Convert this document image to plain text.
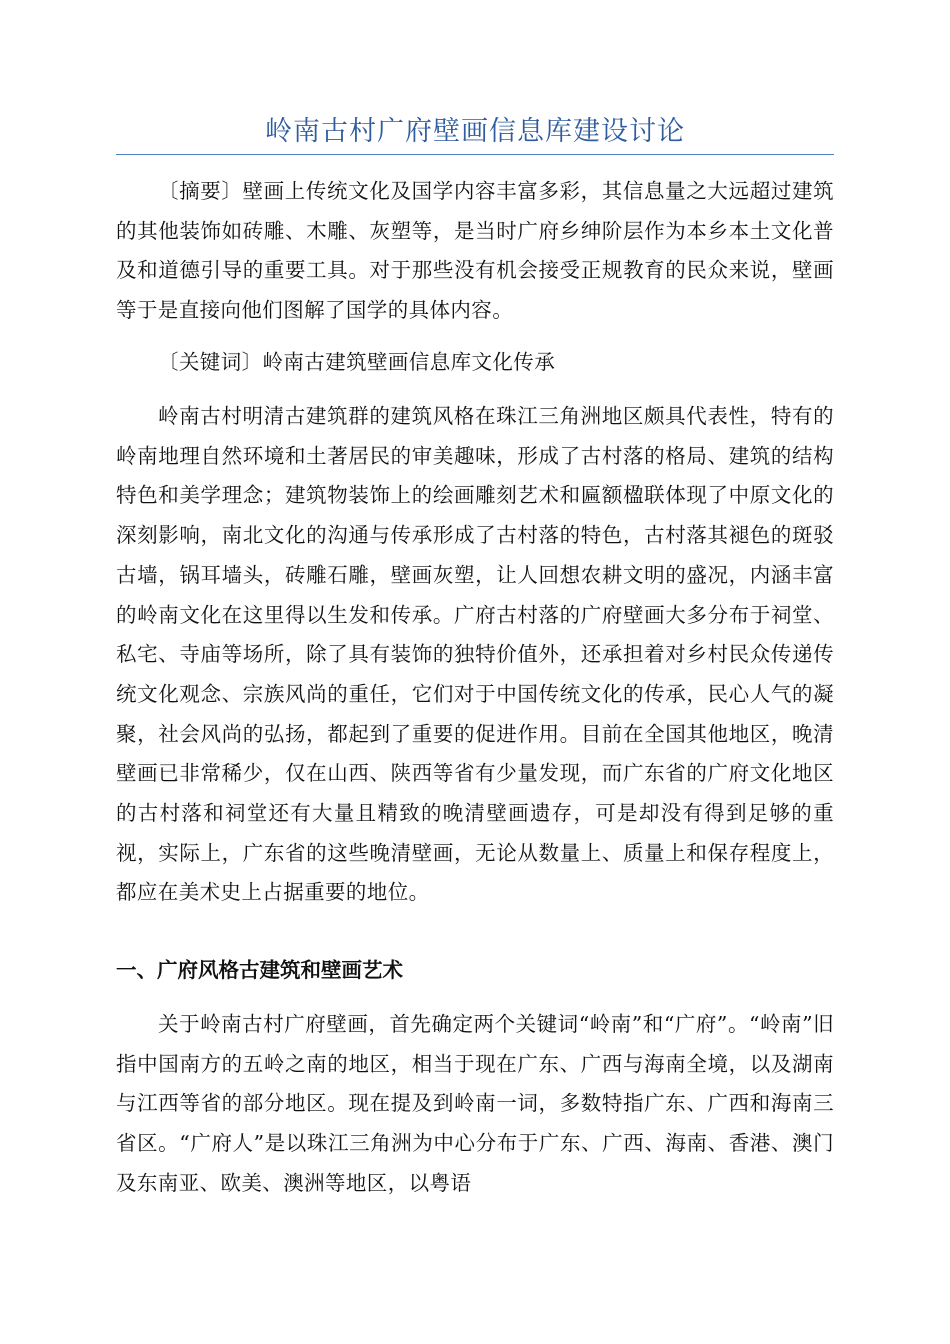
岭南古村广府壁画信息库建设讨论

〔摘要〕壁画上传统文化及国学内容丰富多彩，其信息量之大远超过建筑的其他装饰如砖雕、木雕、灰塑等，是当时广府乡绅阶层作为本乡本土文化普及和道德引导的重要工具。对于那些没有机会接受正规教育的民众来说，壁画等于是直接向他们图解了国学的具体内容。

〔关键词〕岭南古建筑壁画信息库文化传承

岭南古村明清古建筑群的建筑风格在珠江三角洲地区颇具代表性，特有的岭南地理自然环境和土著居民的审美趣味，形成了古村落的格局、建筑的结构特色和美学理念；建筑物装饰上的绘画雕刻艺术和匾额楹联体现了中原文化的深刻影响，南北文化的沟通与传承形成了古村落的特色，古村落其褪色的斑驳古墙，锅耳墙头，砖雕石雕，壁画灰塑，让人回想农耕文明的盛况，内涵丰富的岭南文化在这里得以生发和传承。广府古村落的广府壁画大多分布于祠堂、私宅、寺庙等场所，除了具有装饰的独特价值外，还承担着对乡村民众传递传统文化观念、宗族风尚的重任，它们对于中国传统文化的传承，民心人气的凝聚，社会风尚的弘扬，都起到了重要的促进作用。目前在全国其他地区，晚清壁画已非常稀少，仅在山西、陕西等省有少量发现，而广东省的广府文化地区的古村落和祠堂还有大量且精致的晚清壁画遗存，可是却没有得到足够的重视，实际上，广东省的这些晚清壁画，无论从数量上、质量上和保存程度上，都应在美术史上占据重要的地位。

一、广府风格古建筑和壁画艺术

关于岭南古村广府壁画，首先确定两个关键词“岭南”和“广府”。“岭南”旧指中国南方的五岭之南的地区，相当于现在广东、广西与海南全境，以及湖南与江西等省的部分地区。现在提及到岭南一词，多数特指广东、广西和海南三省区。“广府人”是以珠江三角洲为中心分布于广东、广西、海南、香港、澳门及东南亚、欧美、澳洲等地区，以粤语
